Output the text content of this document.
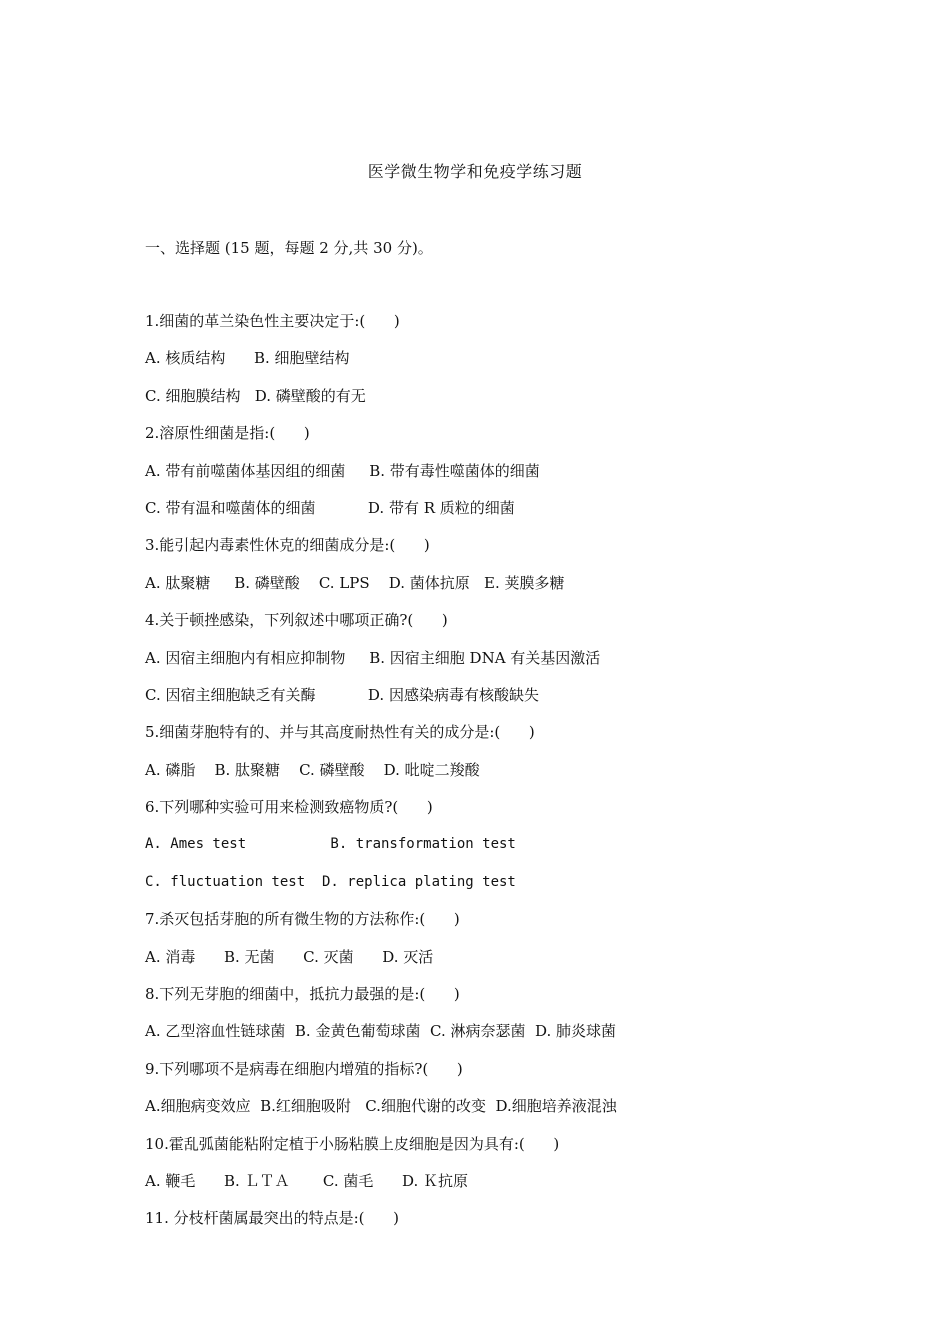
医学微生物学和免疫学练习题
一、选择题 (15 题，每题 2 分,共 30 分)。
1.细菌的革兰染色性主要决定于:(      )
A. 核质结构      B. 细胞壁结构
C. 细胞膜结构   D. 磷壁酸的有无
2.溶原性细菌是指:(      )
A. 带有前噬菌体基因组的细菌     B. 带有毒性噬菌体的细菌
C. 带有温和噬菌体的细菌           D. 带有 R 质粒的细菌
3.能引起内毒素性休克的细菌成分是:(      )
A. 肽聚糖     B. 磷壁酸    C. LPS    D. 菌体抗原   E. 荚膜多糖
4.关于顿挫感染，下列叙述中哪项正确?(      )
A. 因宿主细胞内有相应抑制物     B. 因宿主细胞 DNA 有关基因激活
C. 因宿主细胞缺乏有关酶           D. 因感染病毒有核酸缺失
5.细菌芽胞特有的、并与其高度耐热性有关的成分是:(      )
A. 磷脂    B. 肽聚糖    C. 磷壁酸    D. 吡啶二羧酸
6.下列哪种实验可用来检测致癌物质?(      )
A. Ames test          B. transformation test
C. fluctuation test  D. replica plating test
7.杀灭包括芽胞的所有微生物的方法称作:(      )
A. 消毒      B. 无菌      C. 灭菌      D. 灭活
8.下列无芽胞的细菌中，抵抗力最强的是:(      )
A. 乙型溶血性链球菌  B. 金黄色葡萄球菌  C. 淋病奈瑟菌  D. 肺炎球菌
9.下列哪项不是病毒在细胞内增殖的指标?(      )
A.细胞病变效应  B.红细胞吸附   C.细胞代谢的改变  D.细胞培养液混浊
10.霍乱弧菌能粘附定植于小肠粘膜上皮细胞是因为具有:(      )
A. 鞭毛      B. ＬＴＡ       C. 菌毛      D. Ｋ抗原
11. 分枝杆菌属最突出的特点是:(      )
